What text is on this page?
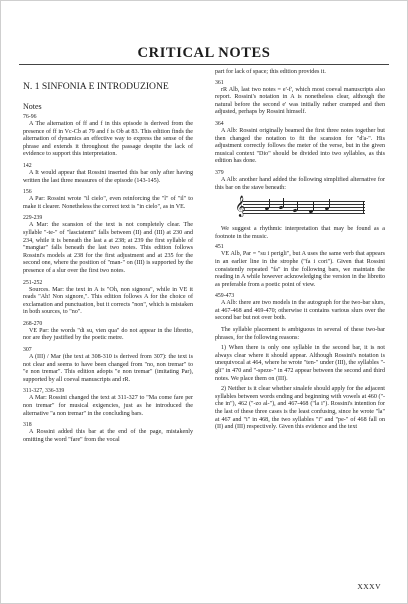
CRITICAL NOTES
N. 1 SINFONIA E INTRODUZIONE
Notes

76-96

A The alternation of ff and f in this episode is derived from the presence of ff in Vc-Cb at 79 and f is Ob at 83. This edition finds the alternation of dynamics an effective way to express the sense of the phrase and extends it throughout the passage despite the lack of evidence to support this interpretation.

142

A It would appear that Rossini inserted this bar only after having written the last three measures of the episode (143-145).

156

A Par: Rossini wrote "il cielo", even reinforcing the "l" of "il" to make it clearer. Nonetheless the correct text is "in cielo", as in VE.

229-239

A Mar: the scansion of the text is not completely clear. The syllable "-te-" of "lasciatemi" falls between (II) and (III) at 230 and 234, while it is beneath the last a at 238; at 239 the first syllable of "mangiar" falls beneath the last two notes. This edition follows Rossini's models at 238 for the first adjustment and at 235 for the second one, where the position of "man-" on (III) is supported by the presence of a slur over the first two notes.

251-252

Sources. Mar: the text in A is "Oh, non signora", while in VE it reads "Ah! Non signore,". This edition follows A for the choice of exclamation and punctuation, but it corrects "non", which is mistaken in both sources, to "no".

268-270

VE Par: the words "di su, vien qua" do not appear in the libretto, nor are they justified by the poetic metre.

307

A (III) / Mar (the text at 308-310 is derived from 307): the text is not clear and seems to have been changed from "no, non tremar" to "e non tremar". This edition adopts "e non tremar" (imitating Par), supported by all coeval manuscripts and rR.

311-327, 336-339

A Mar: Rossini changed the text at 311-327 to "Ma come fare per non tremar" for musical exigencies, just as he introduced the alternative "a non tremar" in the concluding bars.

318

A Rossini added this bar at the end of the page, mistakenly omitting the word "fare" from the vocal

part for lack of space; this edition provides it.

361

rR Alb, last two notes = e'-f', which most coeval manuscripts also report. Rossini's notation in A is nonetheless clear, although the natural before the second e' was initially rather cramped and then adjusted, perhaps by Rossini himself.

364

A Alb: Rossini originally beamed the first three notes together but then changed the notation to fit the scansion for "d'a-". His adjustment correctly follows the meter of the verse, but in the given musical context "Dio" should be divided into two syllables, as this edition has done.

379

A Alb: another hand added the following simplified alternative for this bar on the stave beneath:

𝄞

We suggest a rhythmic interpretation that may be found as a footnote in the music.

451

VE Alb, Par = "su i perigli", but A uses the same verb that appears in an earlier line in the strophe ("fa i cori"). Given that Rossini consistently repeated "fa" in the following bars, we maintain the reading in A while however acknowledging the version in the libretto as preferable from a poetic point of view.

459-473

A Alb: there are two models in the autograph for the two-bar slurs, at 467-468 and 469-470; otherwise it contains various slurs over the second bar but not over both.

The syllable placement is ambiguous in several of these two-bar phrases, for the following reasons:

1) When there is only one syllable in the second bar, it is not always clear where it should appear. Although Rossini's notation is unequivocal at 464, where he wrote "ten-" under (III), the syllables "-gli" in 470 and "-speze-" in 472 appear between the second and third notes. We place them on (III).

2) Neither is it clear whether sinalefe should apply for the adjacent syllables between words ending and beginning with vowels at 460 ("-che in"), 462 ("-zo al-"), and 467-468 ("la i"). Rossini's intention for the last of these three cases is the least confusing, since he wrote "la" at 467 and "i" in 468, the two syllables "i" and "pe-" of 468 fall on (II) and (III) respectively. Given this evidence and the text

XXXV
